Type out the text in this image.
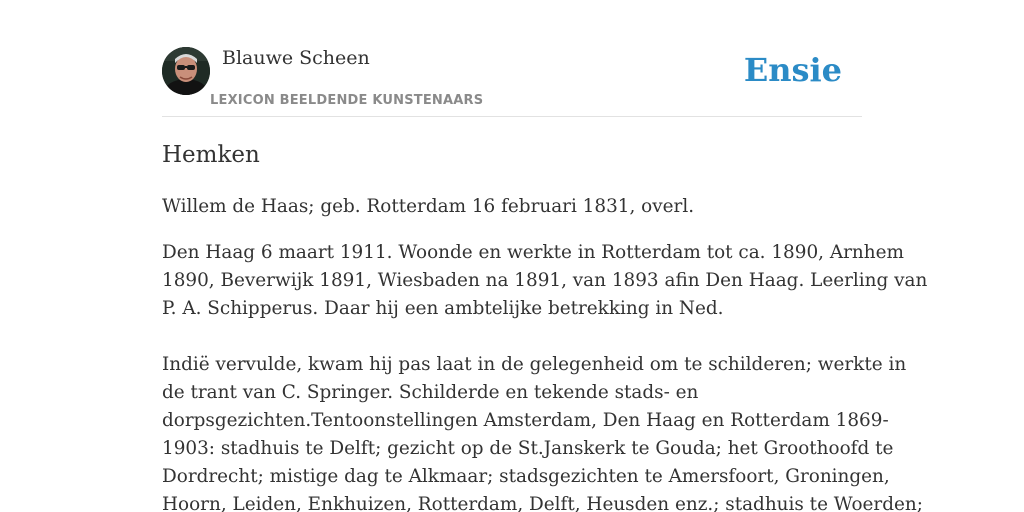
Blauwe Scheen
LEXICON BEELDENDE KUNSTENAARS
Ensie
Hemken

Willem de Haas; geb. Rotterdam 16 februari 1831, overl.

Den Haag 6 maart 1911. Woonde en werkte in Rotterdam tot ca. 1890, Arnhem
1890, Beverwijk 1891, Wiesbaden na 1891, van 1893 afin Den Haag. Leerling van
P. A. Schipperus. Daar hij een ambtelijke betrekking in Ned.
Indië vervulde, kwam hij pas laat in de gelegenheid om te schilderen; werkte in
de trant van C. Springer. Schilderde en tekende stads- en
dorpsgezichten.Tentoonstellingen Amsterdam, Den Haag en Rotterdam 1869-
1903: stadhuis te Delft; gezicht op de St.Janskerk te Gouda; het Groothoofd te
Dordrecht; mistige dag te Alkmaar; stadsgezichten te Amersfoort, Groningen,
Hoorn, Leiden, Enkhuizen, Rotterdam, Delft, Heusden enz.; stadhuis te Woerden;
